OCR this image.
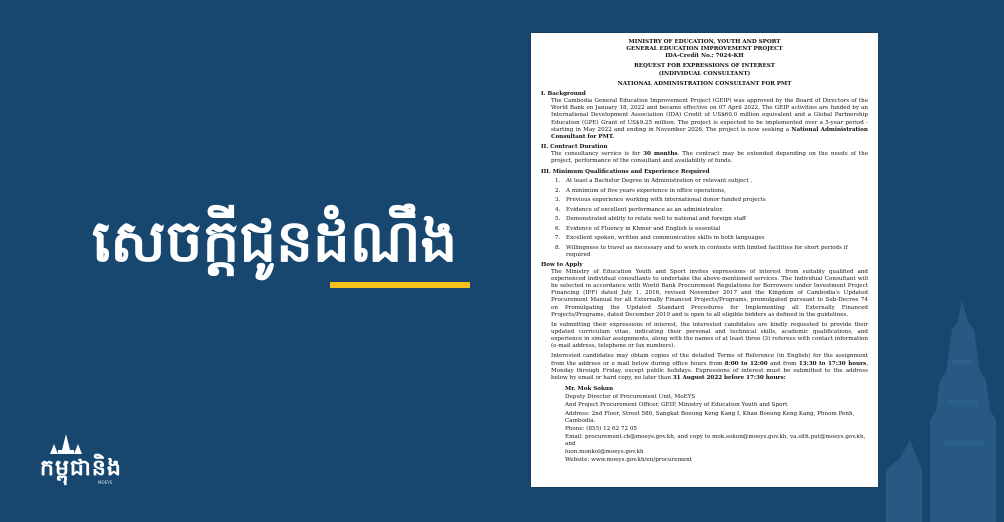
សេចក្តីជូនដំណឹង
កម្ពុជានិង
MOEYS
MINISTRY OF EDUCATION, YOUTH AND SPORT
GENERAL EDUCATION IMPROVEMENT PROJECT
IDA-Credit No.: 7024-KH
REQUEST FOR EXPRESSIONS OF INTEREST
(INDIVIDUAL CONSULTANT)
NATIONAL ADMINISTRATION CONSULTANT FOR PMT
I. Background
The Cambodia General Education Improvement Project (GEIP) was approved by the Board of Directors of the World Bank on January 18, 2022 and became effective on 07 April 2022. The GEIP activities are funded by an International Development Association (IDA) Credit of US$60.0 million equivalent and a Global Partnership Education (GPE) Grant of US$9.25 million. The project is expected to be implemented over a 5-year period - starting in May 2022 and ending in November 2026. The project is now seeking a National Administration Consultant for PMT.
II. Contract Duration
The consultancy service is for 30 months. The contract may be extended depending on the needs of the project, performance of the consultant and availability of funds.
III. Minimum Qualifications and Experience Required
1. At least a Bachelor Degree in Administration or relevant subject ,
2. A minimum of five years experience in office operations,
3. Previous experience working with international donor funded projects
4. Evidence of excellent performance as an administrator,
5. Demonstrated ability to relate well to national and foreign staff
6. Evidence of Fluency in Khmer and English is essential
7. Excellent spoken, written and communicative skills in both languages
8. Willingness to travel as necessary and to work in contexts with limited facilities for short periods if required
How to Apply
The Ministry of Education Youth and Sport invites expressions of interest from suitably qualified and experienced individual consultants to undertake the above-mentioned services. The Individual Consultant will be selected in accordance with World Bank Procurement Regulations for Borrowers under Investment Project Financing (IPF) dated July 1, 2016, revised November 2017 and the Kingdom of Cambodia's Updated Procurement Manual for all Externally Financed Projects/Programs, promulgated pursuant to Sub-Decree 74 on Promulgating the Updated Standard Procedures for Implementing all Externally Financed Projects/Programs, dated December 2019 and is open to all eligible bidders as defined in the guidelines.
In submitting their expressions of interest, the interested candidates are kindly requested to provide their updated curriculum vitae, indicating their personal and technical skills, academic qualifications, and experience in similar assignments, along with the names of at least three (3) referees with contact information (e-mail address, telephone or fax numbers).
Interested candidates may obtain copies of the detailed Terms of Reference (in English) for the assignment from the address or e mail below during office hours from 8:00 to 12:00 and from 13:30 to 17:30 hours, Monday through Friday, except public holidays. Expressions of interest must be submitted to the address below by email or hard copy, no later than 31 August 2022 before 17:30 hours:
Mr. Mok Sokun
Deputy Director of Procurement Unit, MoEYS
And Project Procurement Officer, GEIP, Ministry of Education Youth and Sport
Address: 2nd Floor, Street 580, Sangkat Boeung Keng Kang I, Khan Boeung Keng Kang, Phnom Penh, Cambodia.
Phone: (855) 12 62 72 05
Email: procurement.cb@moeys.gov.kh, and copy to mok.sokun@moeys.gov.kh, va.sith.put@moeys.gov.kh, and
luon.monkol@moeys.gov.kh
Website: www.moeys.gov.kh/en/procurement
